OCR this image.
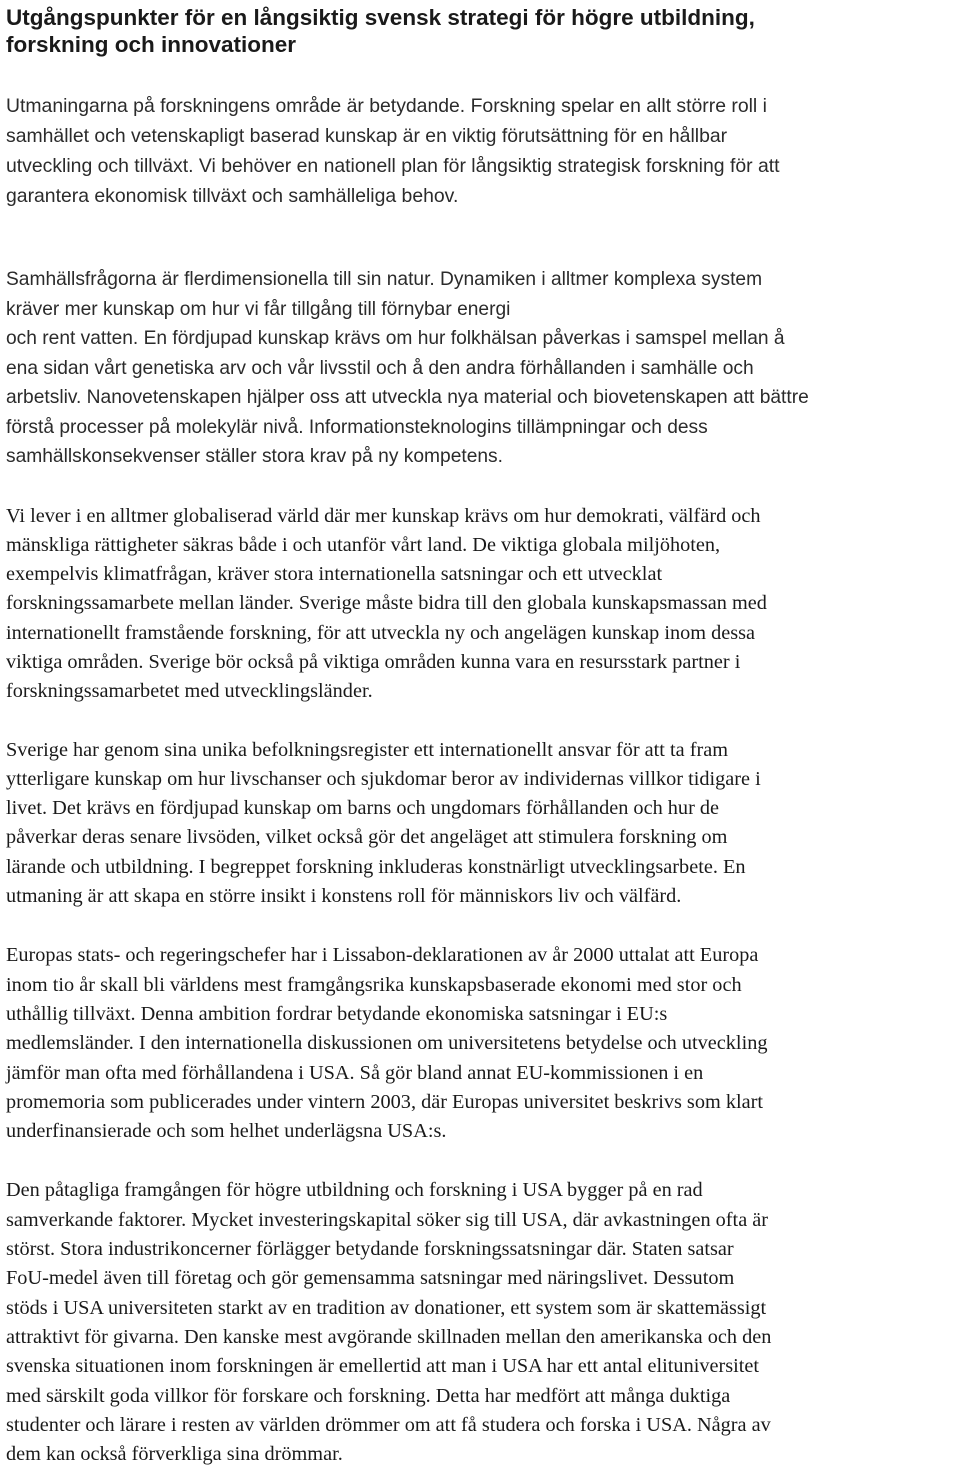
Utgångspunkter för en långsiktig svensk strategi för högre utbildning,
forskning och innovationer

Utmaningarna på forskningens område är betydande. Forskning spelar en allt större roll i
samhället och vetenskapligt baserad kunskap är en viktig förutsättning för en hållbar
utveckling och tillväxt. Vi behöver en nationell plan för långsiktig strategisk forskning för att
garantera ekonomisk tillväxt och samhälleliga behov.

Samhällsfrågorna är flerdimensionella till sin natur. Dynamiken i alltmer komplexa system
kräver mer kunskap om hur vi får tillgång till förnybar energi
och rent vatten. En fördjupad kunskap krävs om hur folkhälsan påverkas i samspel mellan å
ena sidan vårt genetiska arv och vår livsstil och å den andra förhållanden i samhälle och
arbetsliv. Nanovetenskapen hjälper oss att utveckla nya material och biovetenskapen att bättre
förstå processer på molekylär nivå. Informationsteknologins tillämpningar och dess
samhällskonsekvenser ställer stora krav på ny kompetens.

Vi lever i en alltmer globaliserad värld där mer kunskap krävs om hur demokrati, välfärd och
mänskliga rättigheter säkras både i och utanför vårt land. De viktiga globala miljöhoten,
exempelvis klimatfrågan, kräver stora internationella satsningar och ett utvecklat
forskningssamarbete mellan länder. Sverige måste bidra till den globala kunskapsmassan med
internationellt framstående forskning, för att utveckla ny och angelägen kunskap inom dessa
viktiga områden. Sverige bör också på viktiga områden kunna vara en resursstark partner i
forskningssamarbetet med utvecklingsländer.

Sverige har genom sina unika befolkningsregister ett internationellt ansvar för att ta fram
ytterligare kunskap om hur livschanser och sjukdomar beror av individernas villkor tidigare i
livet. Det krävs en fördjupad kunskap om barns och ungdomars förhållanden och hur de
påverkar deras senare livsöden, vilket också gör det angeläget att stimulera forskning om
lärande och utbildning. I begreppet forskning inkluderas konstnärligt utvecklingsarbete. En
utmaning är att skapa en större insikt i konstens roll för människors liv och välfärd.

Europas stats- och regeringschefer har i Lissabon-deklarationen av år 2000 uttalat att Europa
inom tio år skall bli världens mest framgångsrika kunskapsbaserade ekonomi med stor och
uthållig tillväxt. Denna ambition fordrar betydande ekonomiska satsningar i EU:s
medlemsländer. I den internationella diskussionen om universitetens betydelse och utveckling
jämför man ofta med förhållandena i USA. Så gör bland annat EU-kommissionen i en
promemoria som publicerades under vintern 2003, där Europas universitet beskrivs som klart
underfinansierade och som helhet underlägsna USA:s.

Den påtagliga framgången för högre utbildning och forskning i USA bygger på en rad
samverkande faktorer. Mycket investeringskapital söker sig till USA, där avkastningen ofta är
störst. Stora industrikoncerner förlägger betydande forskningssatsningar där. Staten satsar
FoU-medel även till företag och gör gemensamma satsningar med näringslivet. Dessutom
stöds i USA universiteten starkt av en tradition av donationer, ett system som är skattemässigt
attraktivt för givarna. Den kanske mest avgörande skillnaden mellan den amerikanska och den
svenska situationen inom forskningen är emellertid att man i USA har ett antal elituniversitet
med särskilt goda villkor för forskare och forskning. Detta har medfört att många duktiga
studenter och lärare i resten av världen drömmer om att få studera och forska i USA. Några av
dem kan också förverkliga sina drömmar.
